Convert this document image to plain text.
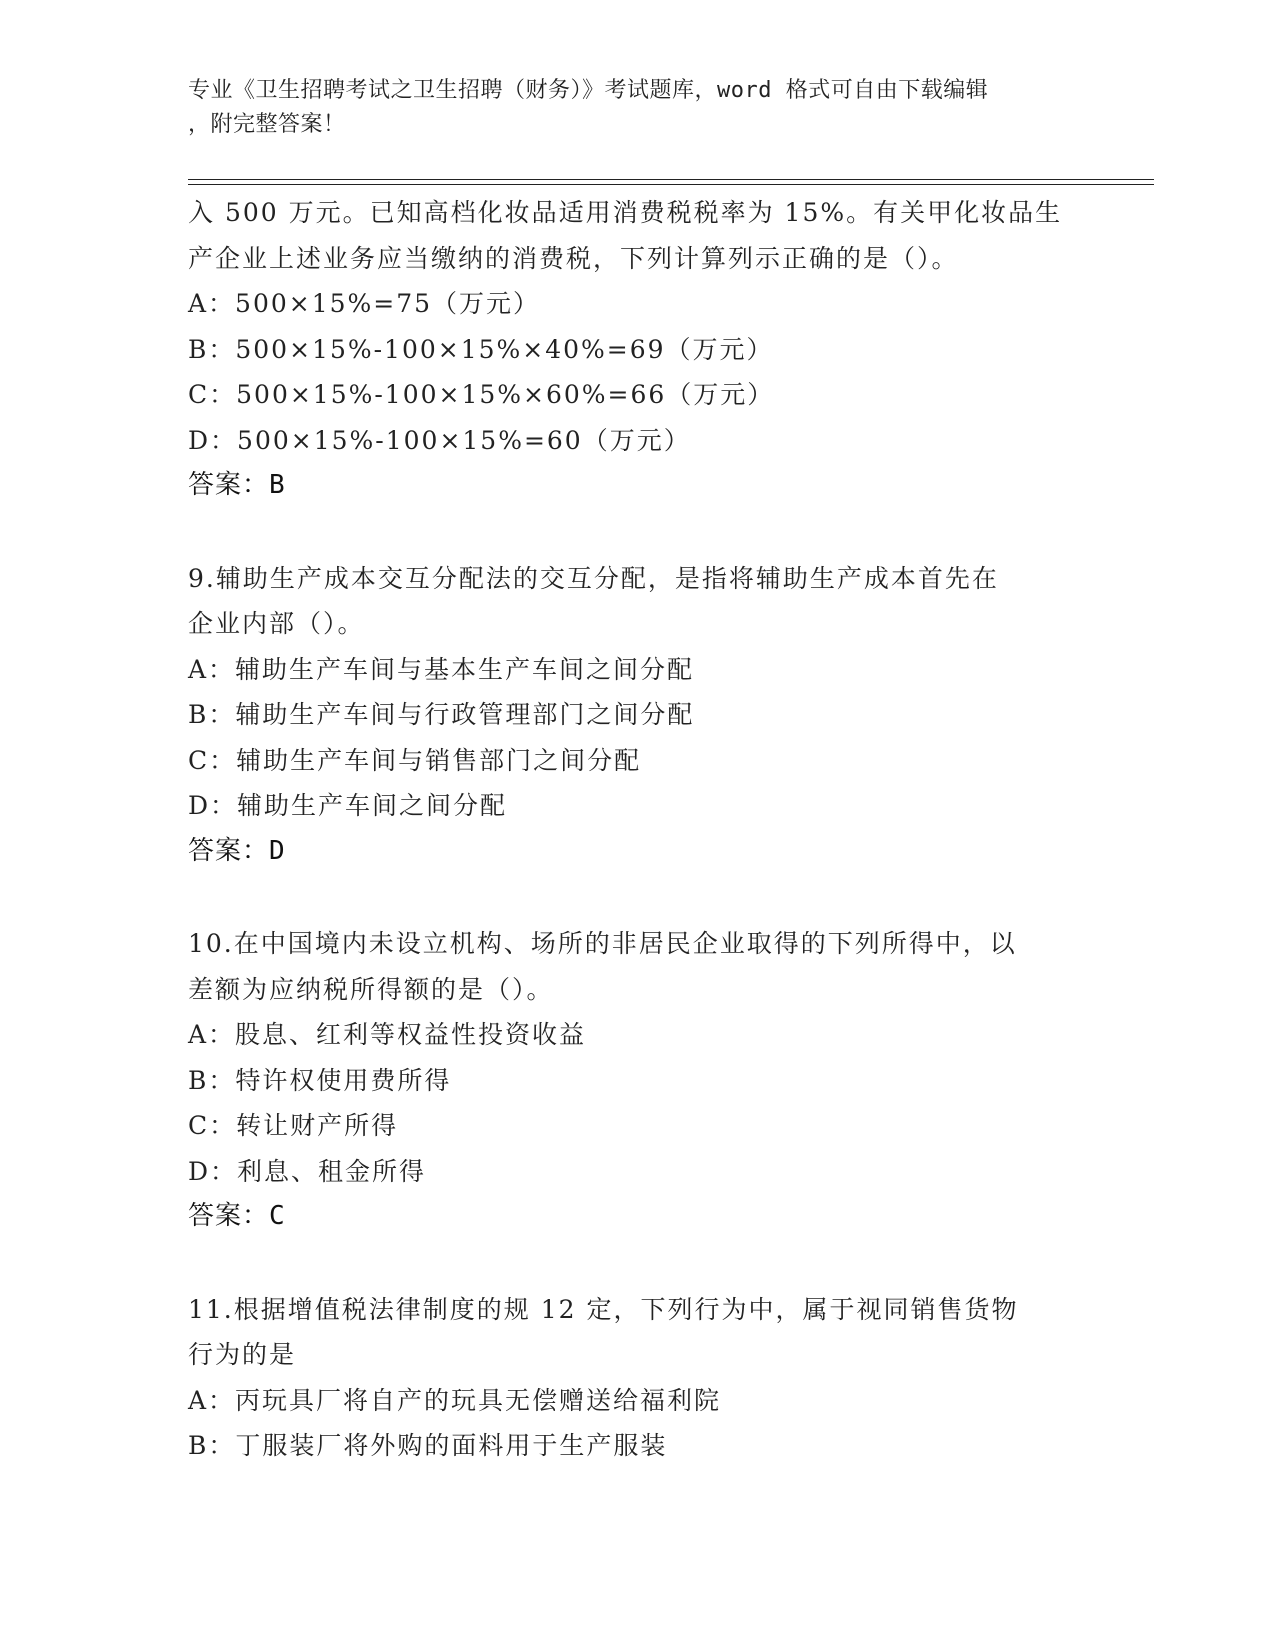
专业《卫生招聘考试之卫生招聘（财务）》考试题库，word 格式可自由下载编辑
，附完整答案！
入 500 万元。已知高档化妆品适用消费税税率为 15%。有关甲化妆品生
产企业上述业务应当缴纳的消费税，下列计算列示正确的是（）。
A：500×15%=75（万元）
B：500×15%-100×15%×40%=69（万元）
C：500×15%-100×15%×60%=66（万元）
D：500×15%-100×15%=60（万元）
答案：B
9.辅助生产成本交互分配法的交互分配，是指将辅助生产成本首先在
企业内部（）。
A：辅助生产车间与基本生产车间之间分配
B：辅助生产车间与行政管理部门之间分配
C：辅助生产车间与销售部门之间分配
D：辅助生产车间之间分配
答案：D
10.在中国境内未设立机构、场所的非居民企业取得的下列所得中，以
差额为应纳税所得额的是（）。
A：股息、红利等权益性投资收益
B：特许权使用费所得
C：转让财产所得
D：利息、租金所得
答案：C
11.根据增值税法律制度的规 12 定，下列行为中，属于视同销售货物
行为的是
A：丙玩具厂将自产的玩具无偿赠送给福利院
B：丁服装厂将外购的面料用于生产服装
